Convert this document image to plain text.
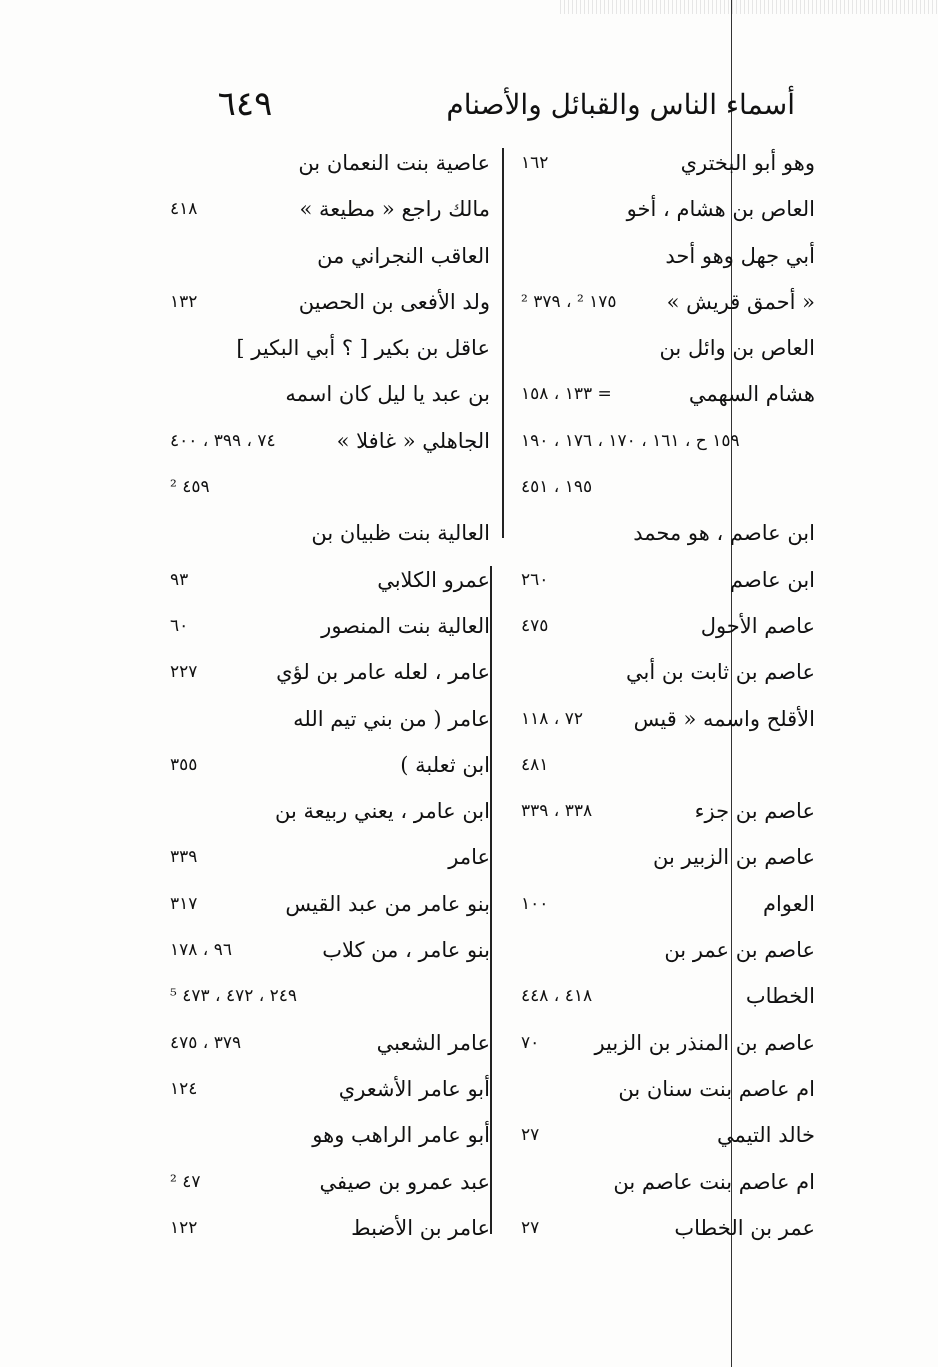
٦٤٩	أسماء الناس والقبائل والأصنام
وهو أبو البختري
١٦٢
العاص بن هشام ، أخو
أبي جهل وهو أحد
« أحمق قريش »
١٧٥ ² ، ٣٧٩ ²
العاص بن وائل بن
هشام السهمي
= ١٣٣ ، ١٥٨
١٥٩ ح ، ١٦١ ، ١٧٠ ، ١٧٦ ، ١٩٠
١٩٥ ، ٤٥١
ابن عاصم ، هو محمد
ابن عاصم
٢٦٠
عاصم الأحول
٤٧٥
عاصم بن ثابت بن أبي
الأقلح واسمه « قيس
٧٢ ، ١١٨
٤٨١
عاصم بن جزء
٣٣٨ ، ٣٣٩
عاصم بن الزبير بن
العوام
١٠٠
عاصم بن عمر بن
الخطاب
٤١٨ ، ٤٤٨
عاصم بن المنذر بن الزبير
٧٠
ام عاصم بنت سنان بن
خالد التيمي
٢٧
ام عاصم بنت عاصم بن
عمر بن الخطاب
٢٧
عاصية بنت النعمان بن
مالك راجع « مطيعة »
٤١٨
العاقب النجراني من
ولد الأفعى بن الحصين
١٣٢
عاقل بن بكير [ ؟ أبي البكير ]
بن عبد يا ليل كان اسمه
الجاهلي « غافلا »
٧٤ ، ٣٩٩ ، ٤٠٠
٤٥٩ ²
العالية بنت ظبيان بن
عمرو الكلابي
٩٣
العالية بنت المنصور
٦٠
عامر ، لعله عامر بن لؤي
٢٢٧
عامر ( من بني تيم الله
ابن ثعلبة )
٣٥٥
ابن عامر ، يعني ربيعة بن
عامر
٣٣٩
بنو عامر من عبد القيس
٣١٧
بنو عامر ، من كلاب
٩٦ ، ١٧٨
٢٤٩ ، ٤٧٢ ، ٤٧٣ ⁵
عامر الشعبي
٣٧٩ ، ٤٧٥
أبو عامر الأشعري
١٢٤
أبو عامر الراهب وهو
عبد عمرو بن صيفي
٤٧ ²
عامر بن الأضبط
١٢٢
